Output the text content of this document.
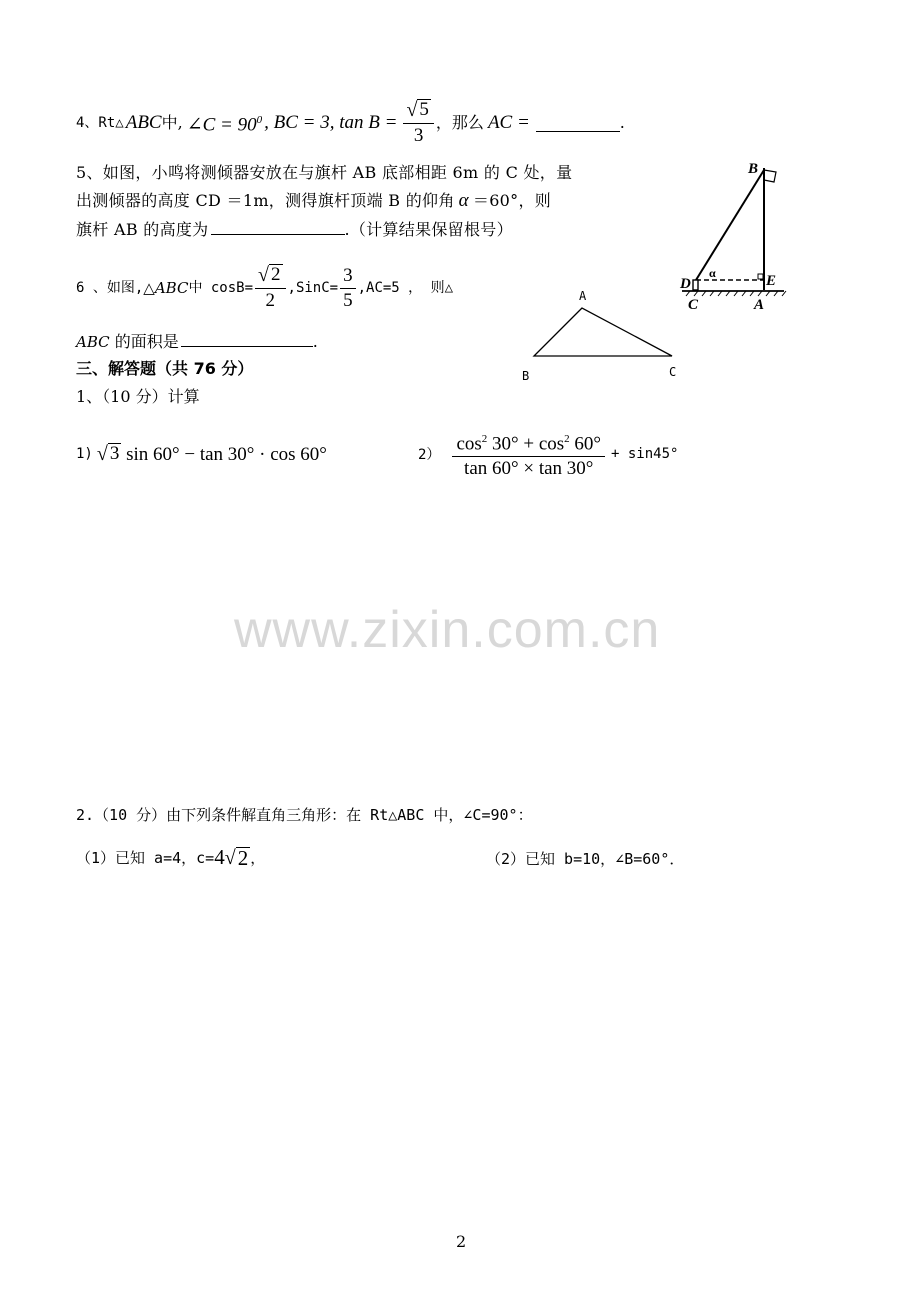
4、Rt△ ABC 中, ∠C = $90^0$ , BC = 3, $\tan B = \frac{√ 5}{3}$ ，那么 AC =	.
5、如图，小鸣将测倾器安放在与旗杆 AB 底部相距 6m 的 C 处，量
出测倾器的高度 CD ＝1m，测得旗杆顶端 B 的仰角 α ＝60°，则
旗杆 AB 的高度为	.（计算结果保留根号）
B
D
α	E
C	A
6 、如图, △ABC 中 $\cos B= \frac{√ 2}{2}$ ,SinC= $\frac{3}{5} ,AC=5$ ， 则△
ABC 的面积是	.
A
B	C
三、解答题（共 76 分）
1、（10 分）计算
1) √ 3 sin 60° − tan 30° · cos 60°	$2) \frac{\cos^2 30^\circ + \cos^2 60^\circ}{\tan 60^\circ \times \tan 30^\circ} + \sin 45^\circ$
www.zixin.com.cn
2.（10 分）由下列条件解直角三角形：在 Rt△ABC 中，∠C=90°：
（1）已知 a=4，c= 4 √ 2 ，	（2）已知 b=10，∠B=60°．
2
